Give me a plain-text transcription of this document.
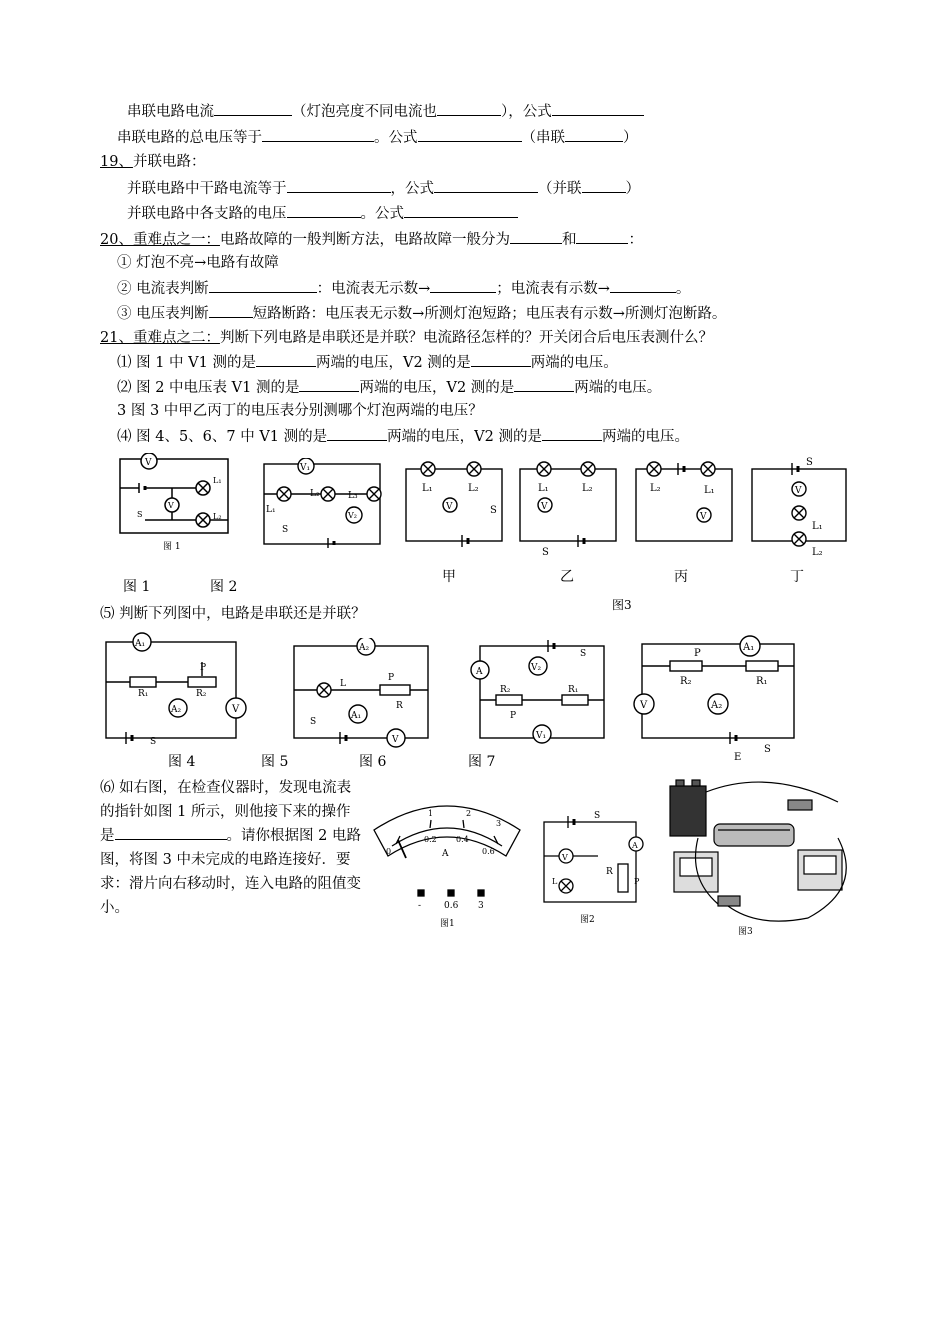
串联电路电流	（灯泡亮度不同电流也	），公式
串联电路的总电压等于	。公式	（串联	）
19、并联电路：
并联电路中干路电流等于	，公式	（并联	）
并联电路中各支路的电压	。公式
20、重难点之一：电路故障的一般判断方法，电路故障一般分为	和	：
① 灯泡不亮→电路有故障
② 电流表判断	：电流表无示数→	；电流表有示数→	。
③ 电压表判断	短路断路：电压表无示数→所测灯泡短路；电压表有示数→所测灯泡断路。
21、重难点之二：判断下列电路是串联还是并联？电流路径怎样的？开关闭合后电压表测什么？
⑴ 图 1 中 V1 测的是	两端的电压，V2 测的是	两端的电压。
⑵ 图 2 中电压表 V1 测的是	两端的电压，V2 测的是	两端的电压。
3 图 3 中甲乙丙丁的电压表分别测哪个灯泡两端的电压？
⑷ 图 4、5、6、7 中 V1 测的是	两端的电压，V2 测的是	两端的电压。
V
L₁
V
L₂
S
图 1
V₁
L₁
L₂	L₃
V₂
S
L₁	L₂
V	S
L₁	L₂
V
S
L₂	L₁
V
S
V
L₁
L₂
甲	乙	丙	丁
图3
图 1	图 2
⑸ 判断下列图中，电路是串联还是并联？
A₁
R₁	R₂
P
A₂	V
S
A₂
L
P
R
A₁
S
V
S
A	V₂
R₂	R₁
P
V₁
R₂
P
R₁
A₁
V	A₂
E
S
图 4	图 5	图 6	图 7
⑹ 如右图，在检查仪器时，发现电流表的指针如图 1 所示，则他接下来的操作是	。请你根据图 2 电路图，将图 3 中未完成的电路连接好．要求：滑片向右移动时，连入电路的阻值变小。
0
0.2 0.4
0.6
1	2
3
A
-	0.6 3
图1
S
A
V
R
P
L
图2
图3
